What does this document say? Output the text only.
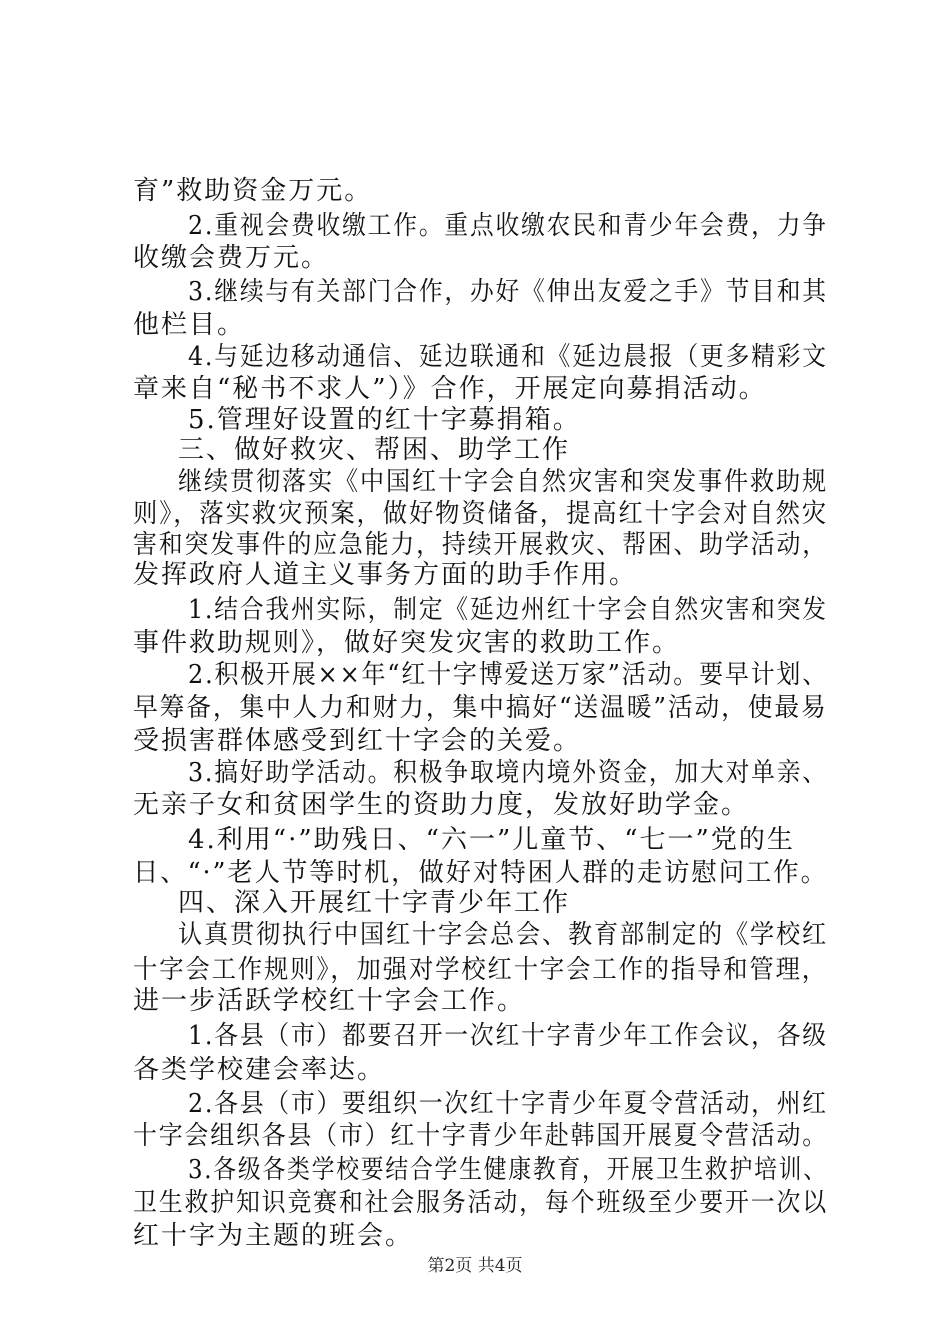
育”救助资金万元。
2.重视会费收缴工作。重点收缴农民和青少年会费，力争
收缴会费万元。
3.继续与有关部门合作，办好《伸出友爱之手》节目和其
他栏目。
4.与延边移动通信、延边联通和《延边晨报（更多精彩文
章来自“秘书不求人”）》合作，开展定向募捐活动。
5.管理好设置的红十字募捐箱。
三、做好救灾、帮困、助学工作
继续贯彻落实《中国红十字会自然灾害和突发事件救助规
则》，落实救灾预案，做好物资储备，提高红十字会对自然灾
害和突发事件的应急能力，持续开展救灾、帮困、助学活动，
发挥政府人道主义事务方面的助手作用。
1.结合我州实际，制定《延边州红十字会自然灾害和突发
事件救助规则》，做好突发灾害的救助工作。
2.积极开展××年“红十字博爱送万家”活动。要早计划、
早筹备，集中人力和财力，集中搞好“送温暖”活动，使最易
受损害群体感受到红十字会的关爱。
3.搞好助学活动。积极争取境内境外资金，加大对单亲、
无亲子女和贫困学生的资助力度，发放好助学金。
4.利用“·”助残日、“六一”儿童节、“七一”党的生
日、“·”老人节等时机，做好对特困人群的走访慰问工作。
四、深入开展红十字青少年工作
认真贯彻执行中国红十字会总会、教育部制定的《学校红
十字会工作规则》，加强对学校红十字会工作的指导和管理，
进一步活跃学校红十字会工作。
1.各县（市）都要召开一次红十字青少年工作会议，各级
各类学校建会率达。
2.各县（市）要组织一次红十字青少年夏令营活动，州红
十字会组织各县（市）红十字青少年赴韩国开展夏令营活动。
3.各级各类学校要结合学生健康教育，开展卫生救护培训、
卫生救护知识竞赛和社会服务活动，每个班级至少要开一次以
红十字为主题的班会。
第2页 共4页
